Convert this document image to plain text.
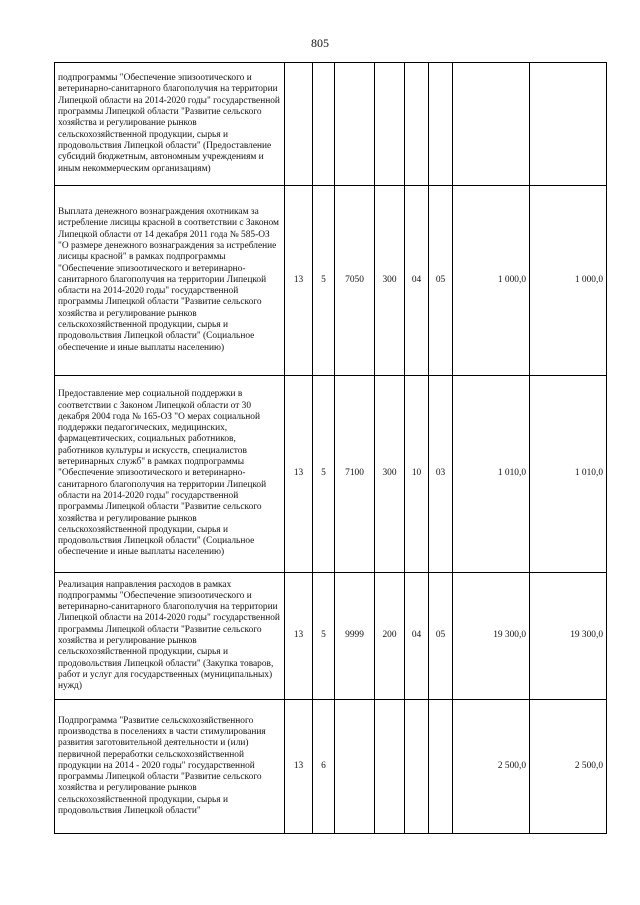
805
подпрограммы "Обеспечение эпизоотического и ветеринарно-санитарного благополучия на территории Липецкой области на 2014-2020 годы" государственной программы Липецкой области "Развитие сельского хозяйства и регулирование рынков сельскохозяйственной продукции, сырья и продовольствия Липецкой области" (Предоставление субсидий бюджетным, автономным учреждениям и иным некоммерческим организациям)								
Выплата денежного вознаграждения охотникам за истребление лисицы красной в соответствии с Законом Липецкой области от 14 декабря 2011 года № 585-ОЗ "О размере денежного вознаграждения за истребление лисицы красной" в рамках подпрограммы "Обеспечение эпизоотического и ветеринарно-санитарного благополучия на территории Липецкой области на 2014-2020 годы" государственной программы Липецкой области "Развитие сельского хозяйства и регулирование рынков сельскохозяйственной продукции, сырья и продовольствия Липецкой области" (Социальное обеспечение и иные выплаты населению)	13	5	7050	300	04	05	1 000,0	1 000,0
Предоставление мер социальной поддержки в соответствии с Законом Липецкой области от 30 декабря 2004 года № 165-ОЗ "О мерах социальной поддержки педагогических, медицинских, фармацевтических, социальных работников, работников культуры и искусств, специалистов ветеринарных служб" в рамках подпрограммы "Обеспечение эпизоотического и ветеринарно-санитарного благополучия на территории Липецкой области на 2014-2020 годы" государственной программы Липецкой области "Развитие сельского хозяйства и регулирование рынков сельскохозяйственной продукции, сырья и продовольствия Липецкой области" (Социальное обеспечение и иные выплаты населению)	13	5	7100	300	10	03	1 010,0	1 010,0
Реализация направления расходов в рамках подпрограммы "Обеспечение эпизоотического и ветеринарно-санитарного благополучия на территории Липецкой области на 2014-2020 годы" государственной программы Липецкой области "Развитие сельского хозяйства и регулирование рынков сельскохозяйственной продукции, сырья и продовольствия Липецкой области" (Закупка товаров, работ и услуг для государственных (муниципальных) нужд)	13	5	9999	200	04	05	19 300,0	19 300,0
Подпрограмма "Развитие сельскохозяйственного производства в поселениях в части стимулирования развития заготовительной деятельности и (или) первичной переработки сельскохозяйственной продукции на 2014 - 2020 годы" государственной программы Липецкой области "Развитие сельского хозяйства и регулирование рынков сельскохозяйственной продукции, сырья и продовольствия Липецкой области"	13	6					2 500,0	2 500,0
